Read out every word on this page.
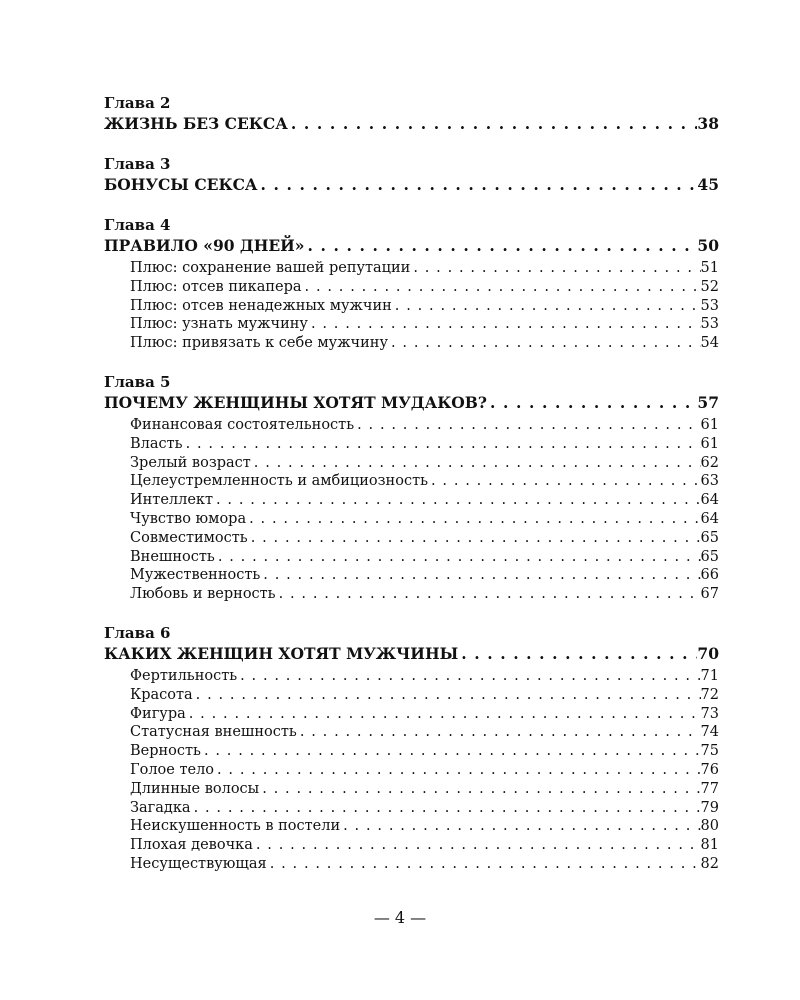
Глава 2
ЖИЗНЬ БЕЗ СЕКСА . . .	38
Глава 3
БОНУСЫ СЕКСА . . .	45
Глава 4
ПРАВИЛО «90 ДНЕЙ» . . .	50
Плюс: сохранение вашей репутации . . .	51
Плюс: отсев пикапера . . .	52
Плюс: отсев ненадежных мужчин . . .	53
Плюс: узнать мужчину . . .	53
Плюс: привязать к себе мужчину . . .	54
Глава 5
ПОЧЕМУ ЖЕНЩИНЫ ХОТЯТ МУДАКОВ? . . .	57
Финансовая состоятельность . . .	61
Власть . . .	61
Зрелый возраст . . .	62
Целеустремленность и амбициозность . . .	63
Интеллект . . .	64
Чувство юмора . . .	64
Совместимость . . .	65
Внешность . . .	65
Мужественность . . .	66
Любовь и верность . . .	67
Глава 6
КАКИХ ЖЕНЩИН ХОТЯТ МУЖЧИНЫ . . .	70
Фертильность . . .	71
Красота . . .	72
Фигура . . .	73
Статусная внешность . . .	74
Верность . . .	75
Голое тело . . .	76
Длинные волосы . . .	77
Загадка . . .	79
Неискушенность в постели . . .	80
Плохая девочка . . .	81
Несуществующая . . .	82
— 4 —
